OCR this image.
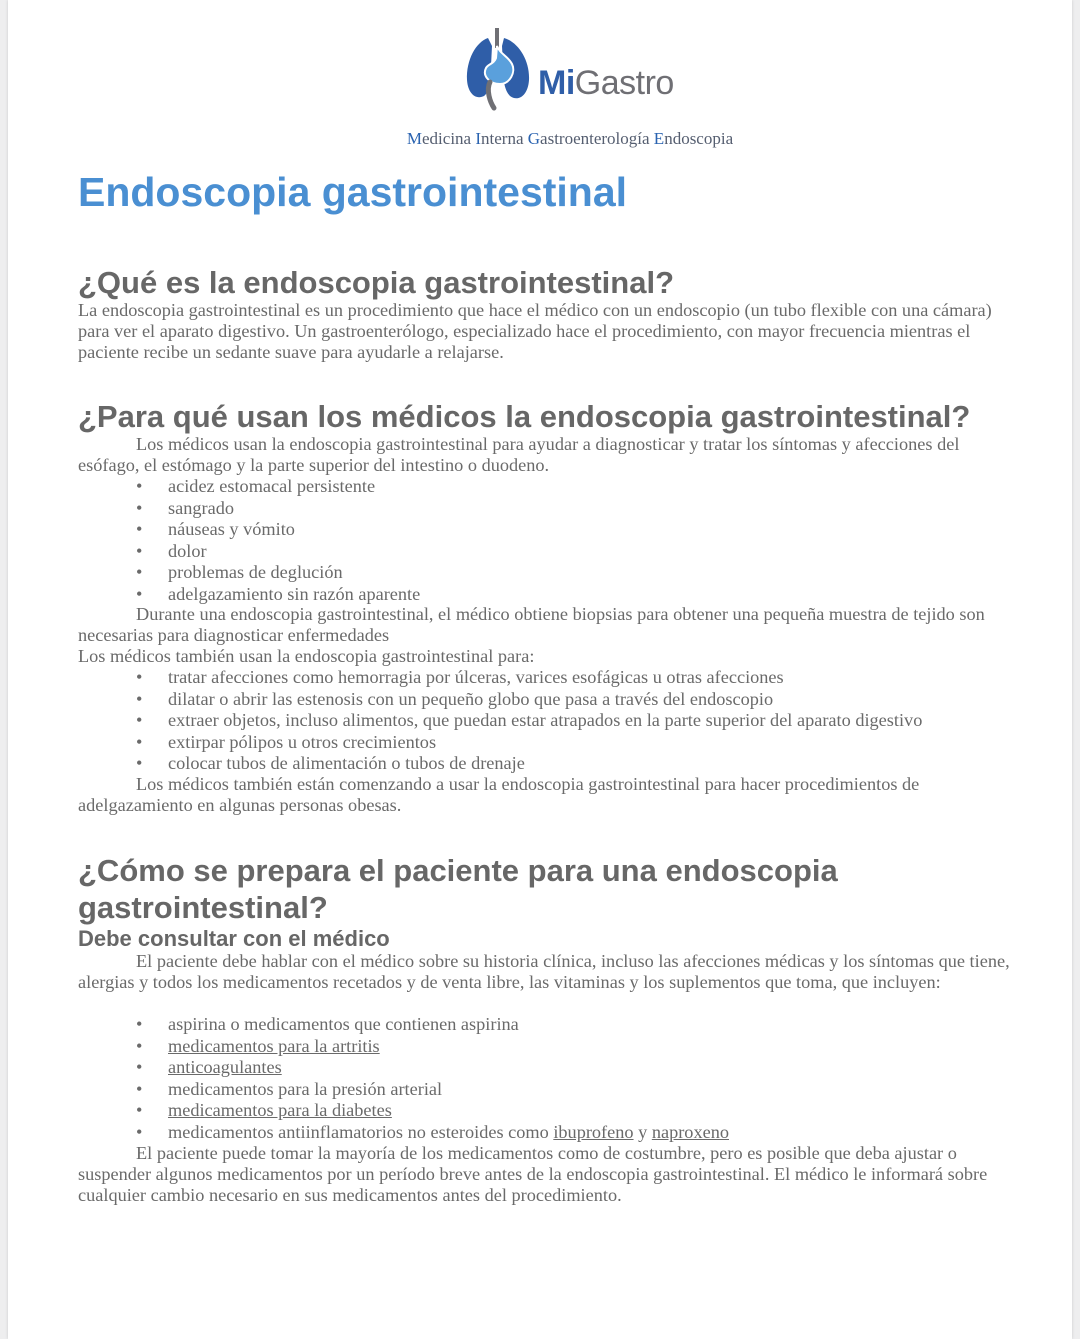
MiGastro
Medicina Interna Gastroenterología Endoscopia
Endoscopia gastrointestinal
¿Qué es la endoscopia gastrointestinal?

La endoscopia gastrointestinal es un procedimiento que hace el médico con un endoscopio (un tubo flexible con una cámara) para ver el aparato digestivo. Un gastroenterólogo, especializado hace el procedimiento, con mayor frecuencia mientras el paciente recibe un sedante suave para ayudarle a relajarse.

¿Para qué usan los médicos la endoscopia gastrointestinal?

Los médicos usan la endoscopia gastrointestinal para ayudar a diagnosticar y tratar los síntomas y afecciones del esófago, el estómago y la parte superior del intestino o duodeno.

• acidez estomacal persistente
• sangrado
• náuseas y vómito
• dolor
• problemas de deglución
• adelgazamiento sin razón aparente

Durante una endoscopia gastrointestinal, el médico obtiene biopsias para obtener una pequeña muestra de tejido son necesarias para diagnosticar enfermedades

Los médicos también usan la endoscopia gastrointestinal para:

• tratar afecciones como hemorragia por úlceras, varices esofágicas u otras afecciones
• dilatar o abrir las estenosis con un pequeño globo que pasa a través del endoscopio
• extraer objetos, incluso alimentos, que puedan estar atrapados en la parte superior del aparato digestivo
• extirpar pólipos u otros crecimientos
• colocar tubos de alimentación o tubos de drenaje

Los médicos también están comenzando a usar la endoscopia gastrointestinal para hacer procedimientos de adelgazamiento en algunas personas obesas.

¿Cómo se prepara el paciente para una endoscopia gastrointestinal?
Debe consultar con el médico

El paciente debe hablar con el médico sobre su historia clínica, incluso las afecciones médicas y los síntomas que tiene, alergias y todos los medicamentos recetados y de venta libre, las vitaminas y los suplementos que toma, que incluyen:

• aspirina o medicamentos que contienen aspirina
• medicamentos para la artritis
• anticoagulantes
• medicamentos para la presión arterial
• medicamentos para la diabetes
• medicamentos antiinflamatorios no esteroides como ibuprofeno y naproxeno

El paciente puede tomar la mayoría de los medicamentos como de costumbre, pero es posible que deba ajustar o suspender algunos medicamentos por un período breve antes de la endoscopia gastrointestinal. El médico le informará sobre cualquier cambio necesario en sus medicamentos antes del procedimiento.
